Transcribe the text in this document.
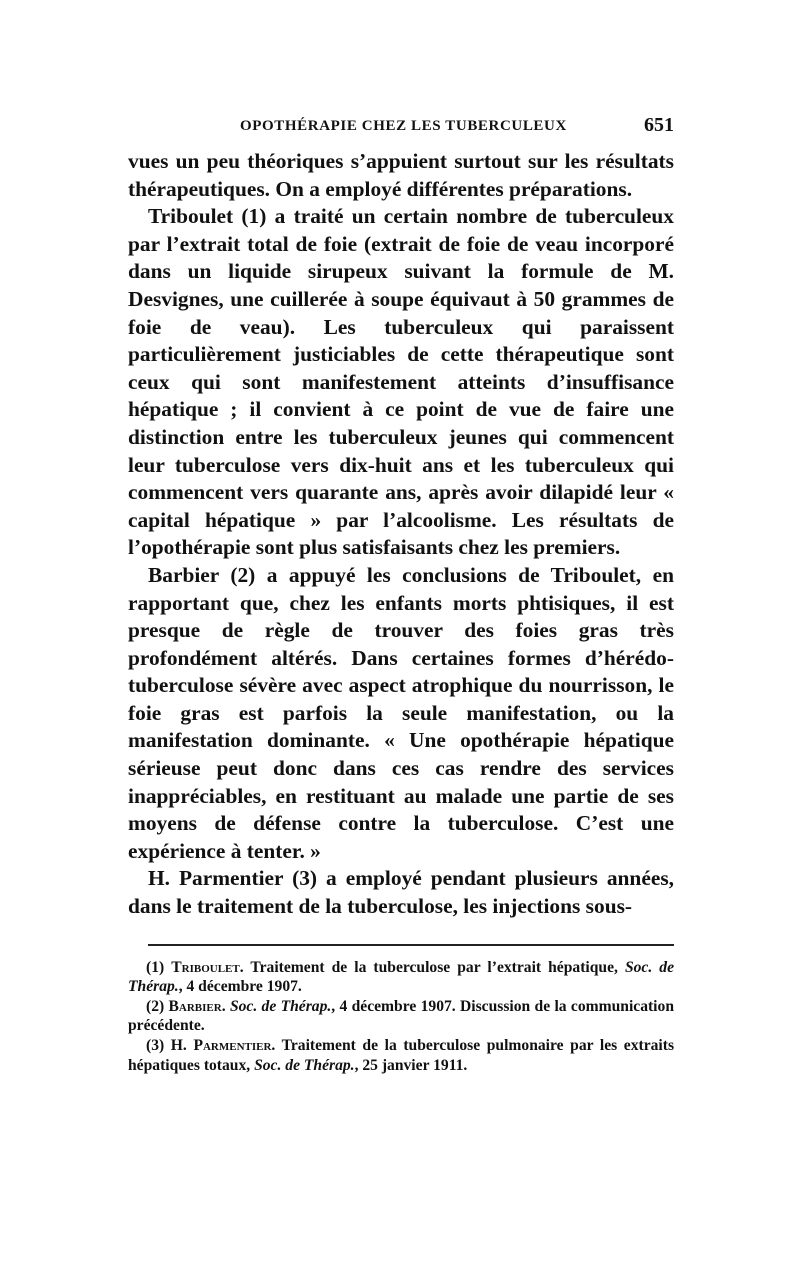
OPOTHÉRAPIE CHEZ LES TUBERCULEUX	651

vues un peu théoriques s’appuient surtout sur les résultats thérapeutiques. On a employé différentes préparations.

Triboulet (1) a traité un certain nombre de tuberculeux par l’extrait total de foie (extrait de foie de veau incorporé dans un liquide sirupeux suivant la formule de M. Desvignes, une cuillerée à soupe équivaut à 50 grammes de foie de veau). Les tuberculeux qui paraissent particulièrement justiciables de cette thérapeutique sont ceux qui sont manifestement atteints d’insuffisance hépatique ; il convient à ce point de vue de faire une distinction entre les tuberculeux jeunes qui commencent leur tuberculose vers dix-huit ans et les tuberculeux qui commencent vers quarante ans, après avoir dilapidé leur « capital hépatique » par l’alcoolisme. Les résultats de l’opothérapie sont plus satisfaisants chez les premiers.

Barbier (2) a appuyé les conclusions de Triboulet, en rapportant que, chez les enfants morts phtisiques, il est presque de règle de trouver des foies gras très profondément altérés. Dans certaines formes d’hérédo-tuberculose sévère avec aspect atrophique du nourrisson, le foie gras est parfois la seule manifestation, ou la manifestation dominante. « Une opothérapie hépatique sérieuse peut donc dans ces cas rendre des services inappréciables, en restituant au malade une partie de ses moyens de défense contre la tuberculose. C’est une expérience à tenter. »

H. Parmentier (3) a employé pendant plusieurs années, dans le traitement de la tuberculose, les injections sous-

(1) Triboulet. Traitement de la tuberculose par l’extrait hépatique, Soc. de Thérap., 4 décembre 1907.

(2) Barbier. Soc. de Thérap., 4 décembre 1907. Discussion de la communication précédente.

(3) H. Parmentier. Traitement de la tuberculose pulmonaire par les extraits hépatiques totaux, Soc. de Thérap., 25 janvier 1911.
